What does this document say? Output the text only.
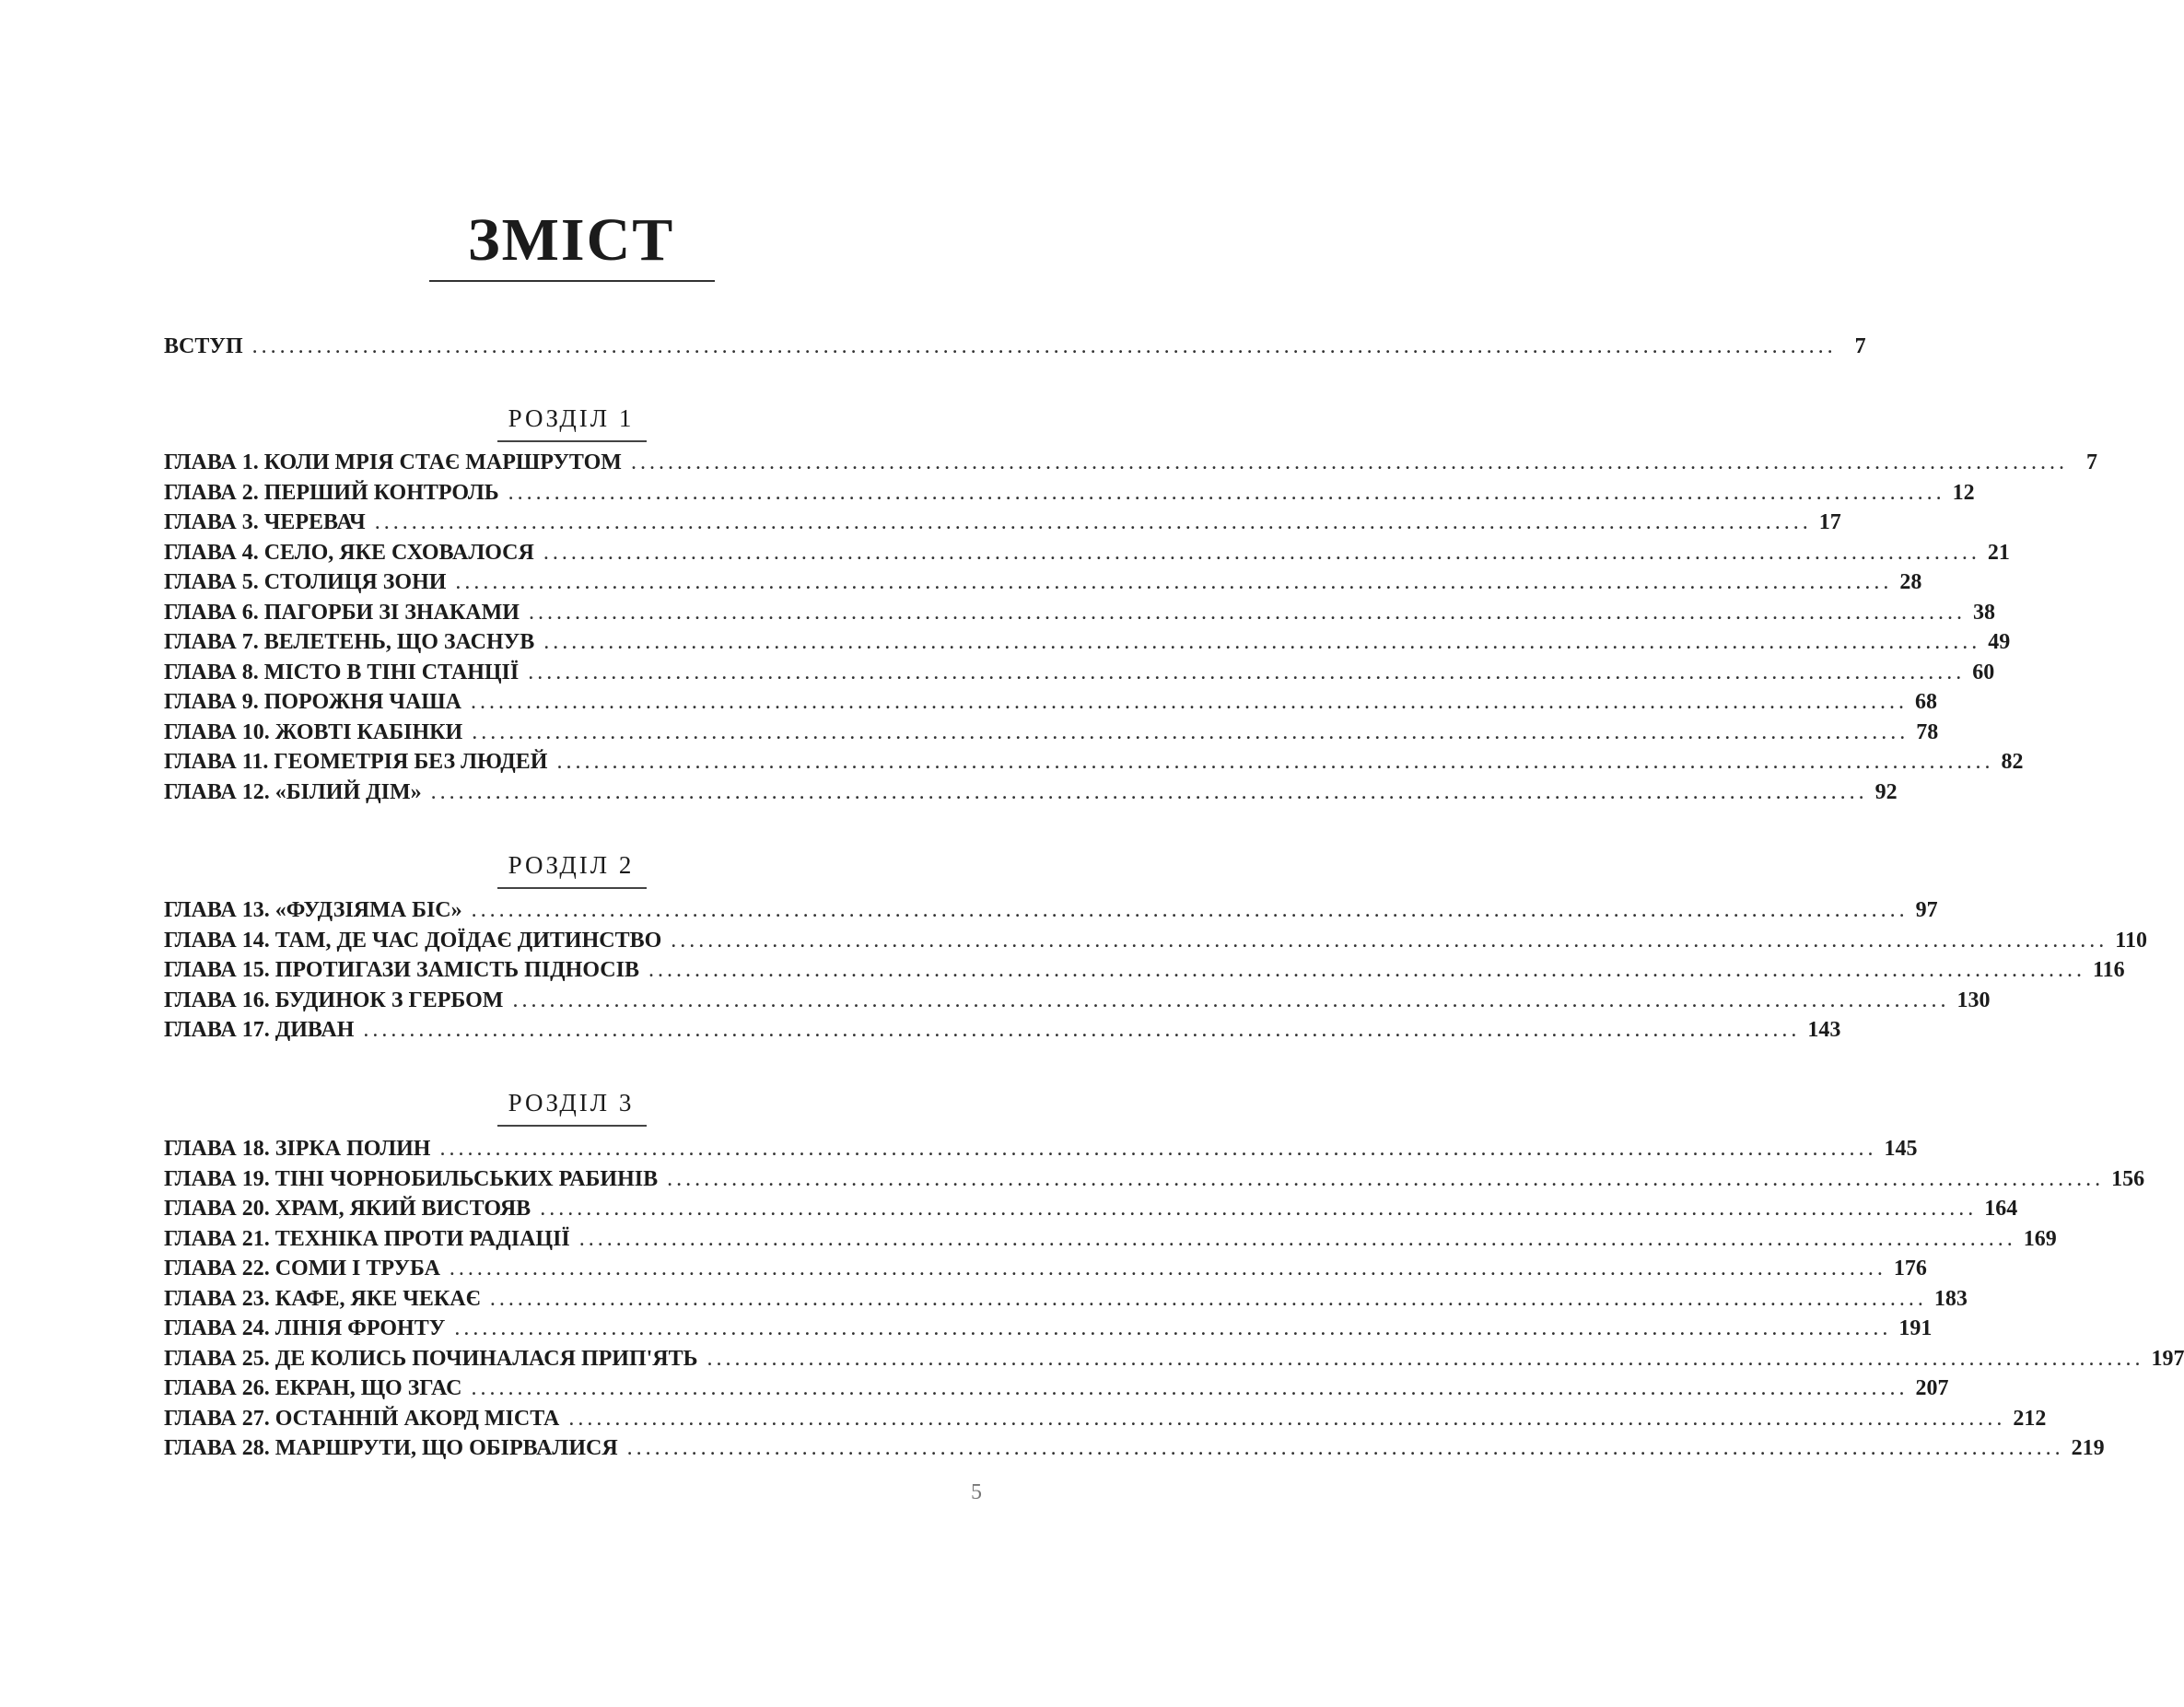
ЗМІСТ
ВСТУП ............................................................................................................................................................................ 7
РОЗДІЛ 1
ГЛАВА 1. КОЛИ МРІЯ СТАЄ МАРШРУТОМ ............................................................................................................................................................ 7
ГЛАВА 2. ПЕРШИЙ КОНТРОЛЬ ............................................................................................................................................................ 12
ГЛАВА 3. ЧЕРЕВАЧ ............................................................................................................................................................ 17
ГЛАВА 4. СЕЛО, ЯКЕ СХОВАЛОСЯ ............................................................................................................................................................ 21
ГЛАВА 5. СТОЛИЦЯ ЗОНИ ............................................................................................................................................................ 28
ГЛАВА 6. ПАГОРБИ ЗІ ЗНАКАМИ ............................................................................................................................................................ 38
ГЛАВА 7. ВЕЛЕТЕНЬ, ЩО ЗАСНУВ ............................................................................................................................................................ 49
ГЛАВА 8. МІСТО В ТІНІ СТАНЦІЇ ............................................................................................................................................................ 60
ГЛАВА 9. ПОРОЖНЯ ЧАША ............................................................................................................................................................ 68
ГЛАВА 10. ЖОВТІ КАБІНКИ ............................................................................................................................................................ 78
ГЛАВА 11. ГЕОМЕТРІЯ БЕЗ ЛЮДЕЙ ............................................................................................................................................................ 82
ГЛАВА 12. «БІЛИЙ ДІМ» ............................................................................................................................................................ 92
РОЗДІЛ 2
ГЛАВА 13. «ФУДЗІЯМА БІС» ............................................................................................................................................................ 97
ГЛАВА 14. ТАМ, ДЕ ЧАС ДОЇДАЄ ДИТИНСТВО ............................................................................................................................................................ 110
ГЛАВА 15. ПРОТИГАЗИ ЗАМІСТЬ ПІДНОСІВ ............................................................................................................................................................ 116
ГЛАВА 16. БУДИНОК З ГЕРБОМ ............................................................................................................................................................ 130
ГЛАВА 17. ДИВАН ............................................................................................................................................................ 143
РОЗДІЛ 3
ГЛАВА 18. ЗІРКА ПОЛИН ............................................................................................................................................................ 145
ГЛАВА 19. ТІНІ ЧОРНОБИЛЬСЬКИХ РАБИНІВ ............................................................................................................................................................ 156
ГЛАВА 20. ХРАМ, ЯКИЙ ВИСТОЯВ ............................................................................................................................................................ 164
ГЛАВА 21. ТЕХНІКА ПРОТИ РАДІАЦІЇ ............................................................................................................................................................ 169
ГЛАВА 22. СОМИ І ТРУБА ............................................................................................................................................................ 176
ГЛАВА 23. КАФЕ, ЯКЕ ЧЕКАЄ ............................................................................................................................................................ 183
ГЛАВА 24. ЛІНІЯ ФРОНТУ ............................................................................................................................................................ 191
ГЛАВА 25. ДЕ КОЛИСЬ ПОЧИНАЛАСЯ ПРИП'ЯТЬ ............................................................................................................................................................ 197
ГЛАВА 26. ЕКРАН, ЩО ЗГАС ............................................................................................................................................................ 207
ГЛАВА 27. ОСТАННІЙ АКОРД МІСТА ............................................................................................................................................................ 212
ГЛАВА 28. МАРШРУТИ, ЩО ОБІРВАЛИСЯ ............................................................................................................................................................ 219
5
